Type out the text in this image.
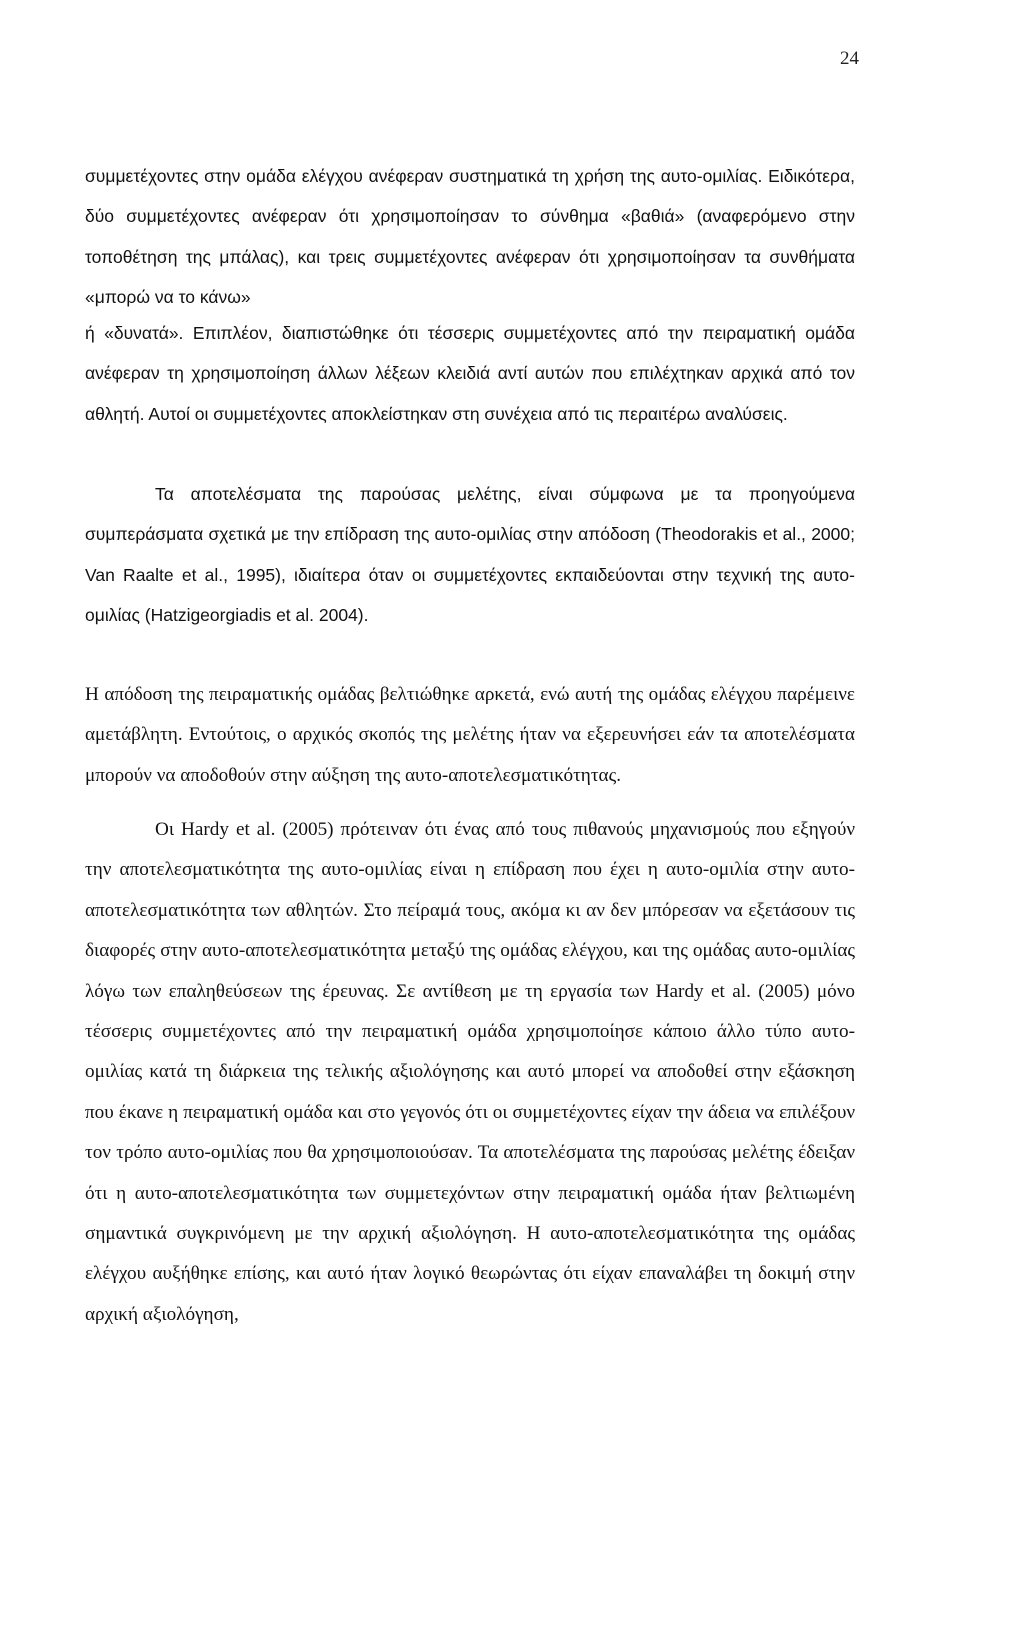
24

συμμετέχοντες στην ομάδα ελέγχου ανέφεραν συστηματικά τη χρήση της αυτο-ομιλίας. Ειδικότερα, δύο συμμετέχοντες ανέφεραν ότι χρησιμοποίησαν το σύνθημα «βαθιά» (αναφερόμενο στην τοποθέτηση της μπάλας), και τρεις συμμετέχοντες ανέφεραν ότι χρησιμοποίησαν τα συνθήματα «μπορώ να το κάνω»

ή «δυνατά». Επιπλέον, διαπιστώθηκε ότι τέσσερις συμμετέχοντες από την πειραματική ομάδα ανέφεραν τη χρησιμοποίηση άλλων λέξεων κλειδιά αντί αυτών που επιλέχτηκαν αρχικά από τον αθλητή. Αυτοί οι συμμετέχοντες αποκλείστηκαν στη συνέχεια από τις περαιτέρω αναλύσεις.

Τα αποτελέσματα της παρούσας μελέτης, είναι σύμφωνα με τα προηγούμενα συμπεράσματα σχετικά με την επίδραση της αυτο-ομιλίας στην απόδοση (Theodorakis et al., 2000; Van Raalte et al., 1995), ιδιαίτερα όταν οι συμμετέχοντες εκπαιδεύονται στην τεχνική της αυτο-ομιλίας (Hatzigeorgiadis et al. 2004).

Η απόδοση της πειραματικής ομάδας βελτιώθηκε αρκετά, ενώ αυτή της ομάδας ελέγχου παρέμεινε αμετάβλητη. Εντούτοις, ο αρχικός σκοπός της μελέτης ήταν να εξερευνήσει εάν τα αποτελέσματα μπορούν να αποδοθούν στην αύξηση της αυτο-αποτελεσματικότητας.

Οι Hardy et al. (2005) πρότειναν ότι ένας από τους πιθανούς μηχανισμούς που εξηγούν την αποτελεσματικότητα της αυτο-ομιλίας είναι η επίδραση που έχει η αυτο-ομιλία στην αυτο-αποτελεσματικότητα των αθλητών. Στο πείραμά τους, ακόμα κι αν δεν μπόρεσαν να εξετάσουν τις διαφορές στην αυτο-αποτελεσματικότητα μεταξύ της ομάδας ελέγχου, και της ομάδας αυτο-ομιλίας λόγω των επαληθεύσεων της έρευνας. Σε αντίθεση με τη εργασία των Hardy et al. (2005) μόνο τέσσερις συμμετέχοντες από την πειραματική ομάδα χρησιμοποίησε κάποιο άλλο τύπο αυτο-ομιλίας κατά τη διάρκεια της τελικής αξιολόγησης και αυτό μπορεί να αποδοθεί στην εξάσκηση που έκανε η πειραματική ομάδα και στο γεγονός ότι οι συμμετέχοντες είχαν την άδεια να επιλέξουν τον τρόπο αυτο-ομιλίας που θα χρησιμοποιούσαν. Τα αποτελέσματα της παρούσας μελέτης έδειξαν ότι η αυτο-αποτελεσματικότητα των συμμετεχόντων στην πειραματική ομάδα ήταν βελτιωμένη σημαντικά συγκρινόμενη με την αρχική αξιολόγηση. Η αυτο-αποτελεσματικότητα της ομάδας ελέγχου αυξήθηκε επίσης, και αυτό ήταν λογικό θεωρώντας ότι είχαν επαναλάβει τη δοκιμή στην αρχική αξιολόγηση,
